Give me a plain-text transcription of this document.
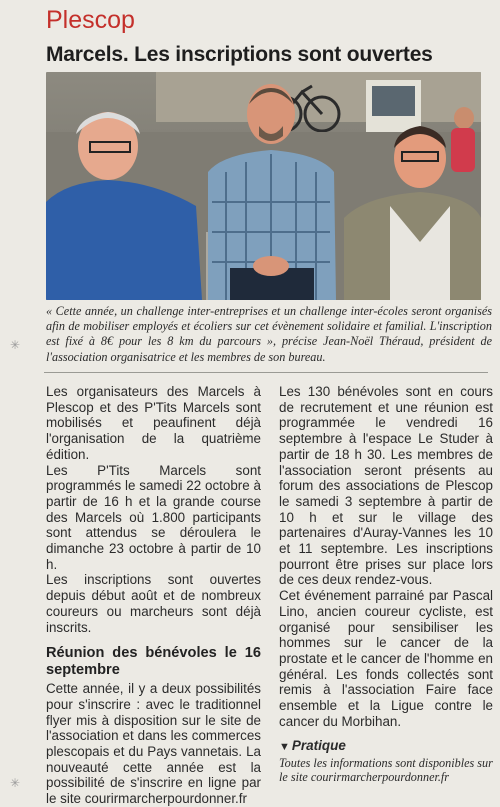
Plescop
Marcels. Les inscriptions sont ouvertes
« Cette année, un challenge inter-entreprises et un challenge inter-écoles seront organisés afin de mobiliser employés et écoliers sur cet évènement solidaire et familial. L'inscription est fixé à 8€ pour les 8 km du parcours », précise Jean-Noël Théraud, président de l'association organisatrice et les membres de son bureau.
✳

Les organisateurs des Marcels à Plescop et des P'Tits Marcels sont mobilisés et peaufinent déjà l'organisation de la quatrième édition.

Les P'Tits Marcels sont programmés le samedi 22 octobre à partir de 16 h et la grande course des Marcels où 1.800 participants sont attendus se déroulera le dimanche 23 octobre à partir de 10 h.

Les inscriptions sont ouvertes depuis début août et de nombreux coureurs ou marcheurs sont déjà inscrits.

Réunion des bénévoles le 16 septembre

Cette année, il y a deux possibilités pour s'inscrire : avec le traditionnel flyer mis à disposition sur le site de l'association et dans les commerces plescopais et du Pays vannetais. La nouveauté cette année est la possibilité de s'inscrire en ligne par le site courirmarcherpourdonner.fr

Les 130 bénévoles sont en cours de recrutement et une réunion est programmée le vendredi 16 septembre à l'espace Le Studer à partir de 18 h 30. Les membres de l'association seront présents au forum des associations de Plescop le samedi 3 septembre à partir de 10 h et sur le village des partenaires d'Auray-Vannes les 10 et 11 septembre. Les inscriptions pourront être prises sur place lors de ces deux rendez-vous.

Cet événement parrainé par Pascal Lino, ancien coureur cycliste, est organisé pour sensibiliser les hommes sur le cancer de la prostate et le cancer de l'homme en général. Les fonds collectés sont remis à l'association Faire face ensemble et la Ligue contre le cancer du Morbihan.

▼ Pratique
Toutes les informations sont disponibles sur le site courirmarcherpourdonner.fr
✳
